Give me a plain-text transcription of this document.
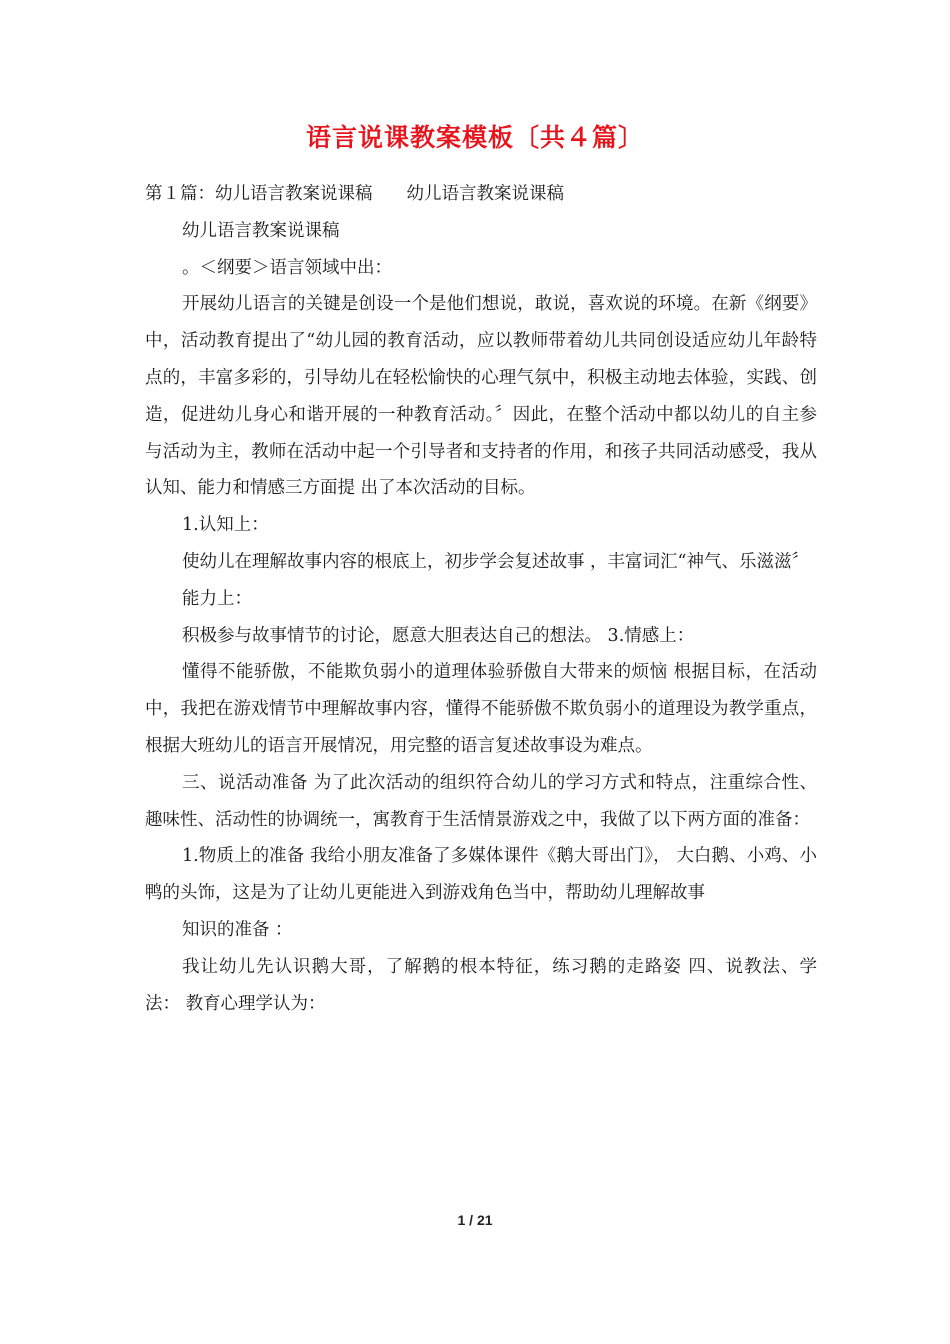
语言说课教案模板〔共４篇〕

第１篇：幼儿语言教案说课稿 幼儿语言教案说课稿

幼儿语言教案说课稿

。＜纲要＞语言领域中出：

开展幼儿语言的关键是创设一个是他们想说，敢说，喜欢说的环境。在新《纲要》中，活动教育提出了“幼儿园的教育活动，应以教师带着幼儿共同创设适应幼儿年龄特点的，丰富多彩的，引导幼儿在轻松愉快的心理气氛中，积极主动地去体验，实践、创造，促进幼儿身心和谐开展的一种教育活动。〞因此，在整个活动中都以幼儿的自主参与活动为主，教师在活动中起一个引导者和支持者的作用，和孩子共同活动感受，我从认知、能力和情感三方面提 出了本次活动的目标。

1.认知上：

使幼儿在理解故事内容的根底上，初步学会复述故事 ，丰富词汇“神气、乐滋滋〞

能力上：

积极参与故事情节的讨论，愿意大胆表达自己的想法。 3.情感上：

懂得不能骄傲，不能欺负弱小的道理体验骄傲自大带来的烦恼 根据目标，在活动中，我把在游戏情节中理解故事内容，懂得不能骄傲不欺负弱小的道理设为教学重点，根据大班幼儿的语言开展情况，用完整的语言复述故事设为难点。

三、说活动准备 为了此次活动的组织符合幼儿的学习方式和特点，注重综合性、趣味性、活动性的协调统一，寓教育于生活情景游戏之中，我做了以下两方面的准备：

1.物质上的准备 我给小朋友准备了多媒体课件《鹅大哥出门》， 大白鹅、小鸡、小鸭的头饰，这是为了让幼儿更能进入到游戏角色当中，帮助幼儿理解故事

知识的准备 ：

我让幼儿先认识鹅大哥，了解鹅的根本特征，练习鹅的走路姿 四、说教法、学法： 教育心理学认为：

1 / 21
